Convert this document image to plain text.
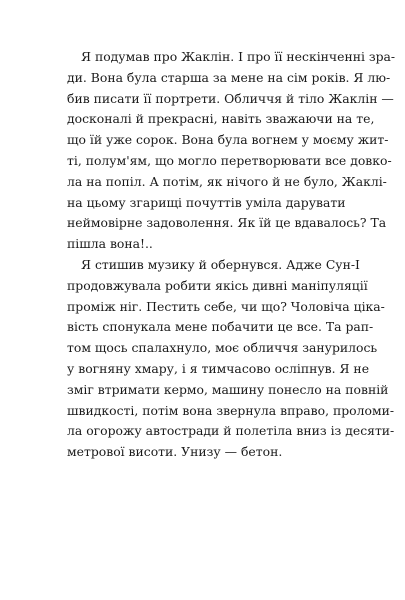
Я подумав про Жаклін. І про її нескінченні зра-
ди. Вона була старша за мене на сім років. Я лю-
бив писати її портрети. Обличчя й тіло Жаклін —
досконалі й прекрасні, навіть зважаючи на те,
що їй уже сорок. Вона була вогнем у моєму жит-
ті, полум'ям, що могло перетворювати все довко-
ла на попіл. А потім, як нічого й не було, Жаклі-
на цьому згарищі почуттів уміла дарувати
неймовірне задоволення. Як їй це вдавалось? Та
пішла вона!..
Я стишив музику й обернувся. Адже Сун-І
продовжувала робити якісь дивні маніпуляції
проміж ніг. Пестить себе, чи що? Чоловіча ціка-
вість спонукала мене побачити це все. Та рап-
том щось спалахнуло, моє обличчя занурилось
у вогняну хмару, і я тимчасово осліпнув. Я не
зміг втримати кермо, машину понесло на повній
швидкості, потім вона звернула вправо, проломи-
ла огорожу автостради й полетіла вниз із десяти-
метрової висоти. Унизу — бетон.
